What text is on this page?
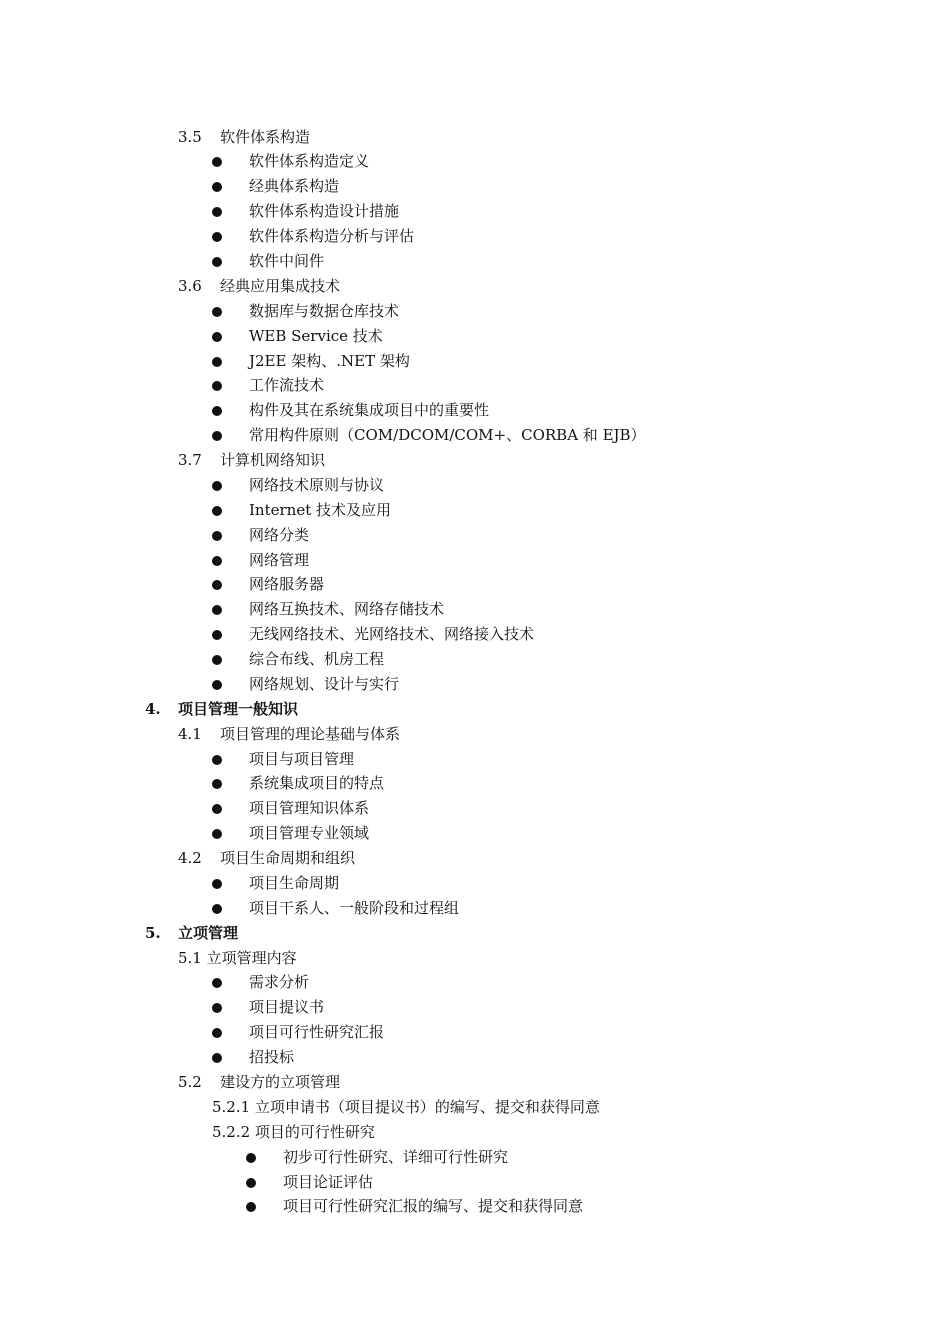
3.5 软件体系构造
软件体系构造定义
经典体系构造
软件体系构造设计措施
软件体系构造分析与评估
软件中间件
3.6 经典应用集成技术
数据库与数据仓库技术
WEB Service 技术
J2EE 架构、.NET 架构
工作流技术
构件及其在系统集成项目中的重要性
常用构件原则（COM/DCOM/COM+、CORBA 和 EJB）
3.7 计算机网络知识
网络技术原则与协议
Internet 技术及应用
网络分类
网络管理
网络服务器
网络互换技术、网络存储技术
无线网络技术、光网络技术、网络接入技术
综合布线、机房工程
网络规划、设计与实行
4. 项目管理一般知识
4.1 项目管理的理论基础与体系
项目与项目管理
系统集成项目的特点
项目管理知识体系
项目管理专业领域
4.2 项目生命周期和组织
项目生命周期
项目干系人、一般阶段和过程组
5. 立项管理
5.1 立项管理内容
需求分析
项目提议书
项目可行性研究汇报
招投标
5.2 建设方的立项管理
5.2.1 立项申请书（项目提议书）的编写、提交和获得同意
5.2.2 项目的可行性研究
初步可行性研究、详细可行性研究
项目论证评估
项目可行性研究汇报的编写、提交和获得同意
